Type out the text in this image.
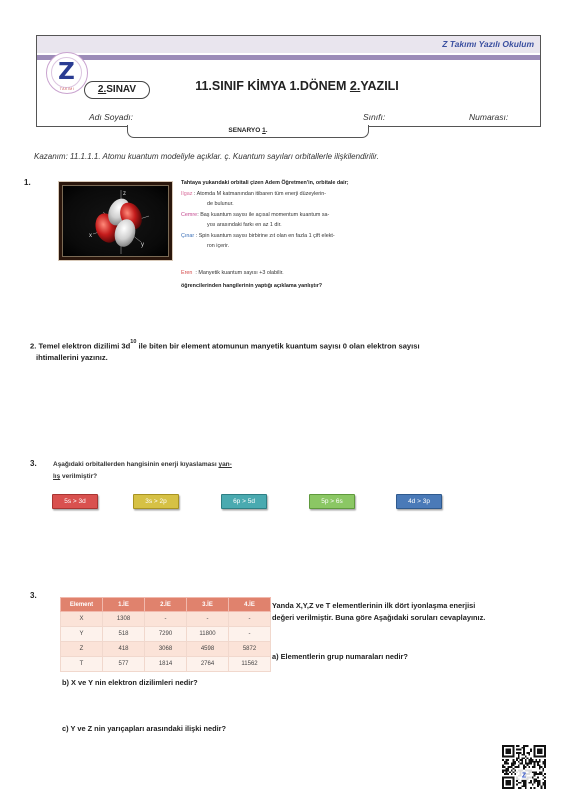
Z Takımı Yazılı Okulum
Z
TAKIMI	2.SINAV	11.SINIF KİMYA 1.DÖNEM 2.YAZILI
Adı Soyadı:	Sınıfı:	Numarası:
SENARYO 1.
Kazanım: 11.1.1.1. Atomu kuantum modeliyle açıklar. ç. Kuantum sayıları orbitallerle ilişkilendirilir.
1.
x
y
z
Tahtaya yukarıdaki orbitali çizen Adem Öğretmen'in, orbitale dair;
Ilgaz : Atomda M katmanından itibaren tüm enerji düzeylerin-
de bulunur.
Cemre: Baş kuantum sayısı ile açısal momentum kuantum sa-
yısı arasındaki farkı en az 1 dir.
Çınar : Spin kuantum sayısı birbirine zıt olan en fazla 1 çift elekt-
ron içerir.
Eren  : Manyetik kuantum sayısı +3 olabilir.
öğrencilerinden hangilerinin yaptığı açıklama yanlıştır?
2. Temel elektron dizilimi $3d^{10}$ ile biten bir element atomunun manyetik kuantum sayısı 0 olan elektron sayısı
ihtimallerini yazınız.
3.	Aşağıdaki orbitallerden hangisinin enerji kıyaslaması yan-
lış verilmiştir?
5s > 3d	3s > 2p	6p > 5d	5p > 6s	4d > 3p
3.
Element	1.İE	2.İE	3.İE	4.İE
X	1308	-	-	-
Y	518	7290	11800	-
Z	418	3068	4598	5872
T	577	1814	2764	11562
Yanda X,Y,Z ve T elementlerinin ilk dört iyonlaşma enerjisi değeri verilmiştir. Buna göre Aşağıdaki soruları cevaplayınız.
a) Elementlerin grup numaraları nedir?
b) X ve Y nin elektron dizilimleri nedir?
c) Y ve Z nin yarıçapları arasındaki ilişki nedir?
Z
